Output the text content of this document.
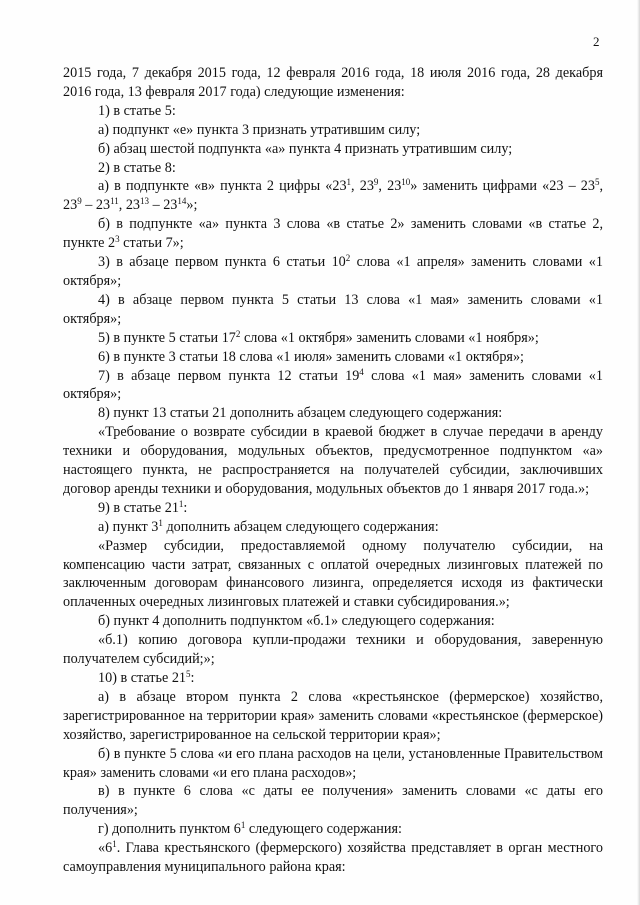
2

2015 года, 7 декабря 2015 года, 12 февраля 2016 года, 18 июля 2016 года, 28 декабря 2016 года, 13 февраля 2017 года) следующие изменения:

1) в статье 5:

а) подпункт «е» пункта 3 признать утратившим силу;

б) абзац шестой подпункта «а» пункта 4 признать утратившим силу;

2) в статье 8:

а) в подпункте «в» пункта 2 цифры «$23^1$, $23^9$, $23^{10}$» заменить цифрами «$23 - 23^5$, $23^9 - 23^{11}$, $23^{13} - 23^{14}$»;

б) в подпункте «а» пункта 3 слова «в статье 2» заменить словами «в статье 2, пункте $2^3$ статьи 7»;

3) в абзаце первом пункта 6 статьи $10^2$ слова «1 апреля» заменить словами «1 октября»;

4) в абзаце первом пункта 5 статьи 13 слова «1 мая» заменить словами «1 октября»;

5) в пункте 5 статьи $17^2$ слова «1 октября» заменить словами «1 ноября»;

6) в пункте 3 статьи 18 слова «1 июля» заменить словами «1 октября»;

7) в абзаце первом пункта 12 статьи $19^4$ слова «1 мая» заменить словами «1 октября»;

8) пункт 13 статьи 21 дополнить абзацем следующего содержания:

«Требование о возврате субсидии в краевой бюджет в случае передачи в аренду техники и оборудования, модульных объектов, предусмотренное подпунктом «а» настоящего пункта, не распространяется на получателей субсидии, заключивших договор аренды техники и оборудования, модульных объектов до 1 января 2017 года.»;

9) в статье $21^1$:

а) пункт $3^1$ дополнить абзацем следующего содержания:

«Размер субсидии, предоставляемой одному получателю субсидии, на компенсацию части затрат, связанных с оплатой очередных лизинговых платежей по заключенным договорам финансового лизинга, определяется исходя из фактически оплаченных очередных лизинговых платежей и ставки субсидирования.»;

б) пункт 4 дополнить подпунктом «б.1» следующего содержания:

«б.1) копию договора купли-продажи техники и оборудования, заверенную получателем субсидий;»;

10) в статье $21^5$:

а) в абзаце втором пункта 2 слова «крестьянское (фермерское) хозяйство, зарегистрированное на территории края» заменить словами «крестьянское (фермерское) хозяйство, зарегистрированное на сельской территории края»;

б) в пункте 5 слова «и его плана расходов на цели, установленные Правительством края» заменить словами «и его плана расходов»;

в) в пункте 6 слова «с даты ее получения» заменить словами «с даты его получения»;

г) дополнить пунктом $6^1$ следующего содержания:

«$6^1$. Глава крестьянского (фермерского) хозяйства представляет в орган местного самоуправления муниципального района края:
